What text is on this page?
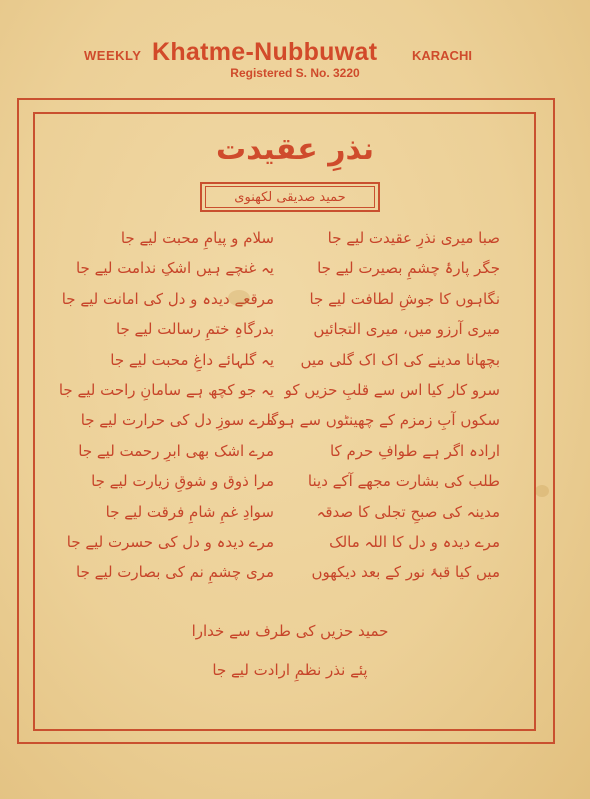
WEEKLY Khatme-Nubbuwat	KARACHI
Registered S. No. 3220
نذرِ عقیدت
حمید صدیقی لکھنوی
صبا میری نذرِ عقیدت لیے جا
سلام و پیامِ محبت لیے جا
جگر پارۂ چشمِ بصیرت لیے جا
یہ غنچے ہیں اشکِ ندامت لیے جا
نگاہوں کا جوشِ لطافت لیے جا
مرقعے دیدہ و دل کی امانت لیے جا
میری آرزو میں، میری التجائیں
بدرگاہِ ختمِ رسالت لیے جا
بچھانا مدینے کی اک اک گلی میں
یہ گلہائے داغِ محبت لیے جا
سرو کار کیا اس سے قلبِ حزیں کو
یہ جو کچھ ہے سامانِ راحت لیے جا
سکوں آبِ زمزم کے چھینٹوں سے ہوگا
مرے سوزِ دل کی حرارت لیے جا
ارادہ اگر ہے طوافِ حرم کا
مرے اشک بھی ابرِ رحمت لیے جا
طلب کی بشارت مجھے آکے دینا
مرا ذوق و شوقِ زیارت لیے جا
مدینہ کی صبحِ تجلی کا صدقہ
سوادِ غمِ شامِ فرقت لیے جا
مرے دیدہ و دل کا اللہ مالک
مرے دیدہ و دل کی حسرت لیے جا
میں کیا قبۂ نور کے بعد دیکھوں
مری چشمِ نم کی بصارت لیے جا
حمید حزیں کی طرف سے خدارا
پئے نذر نظمِ ارادت لیے جا
